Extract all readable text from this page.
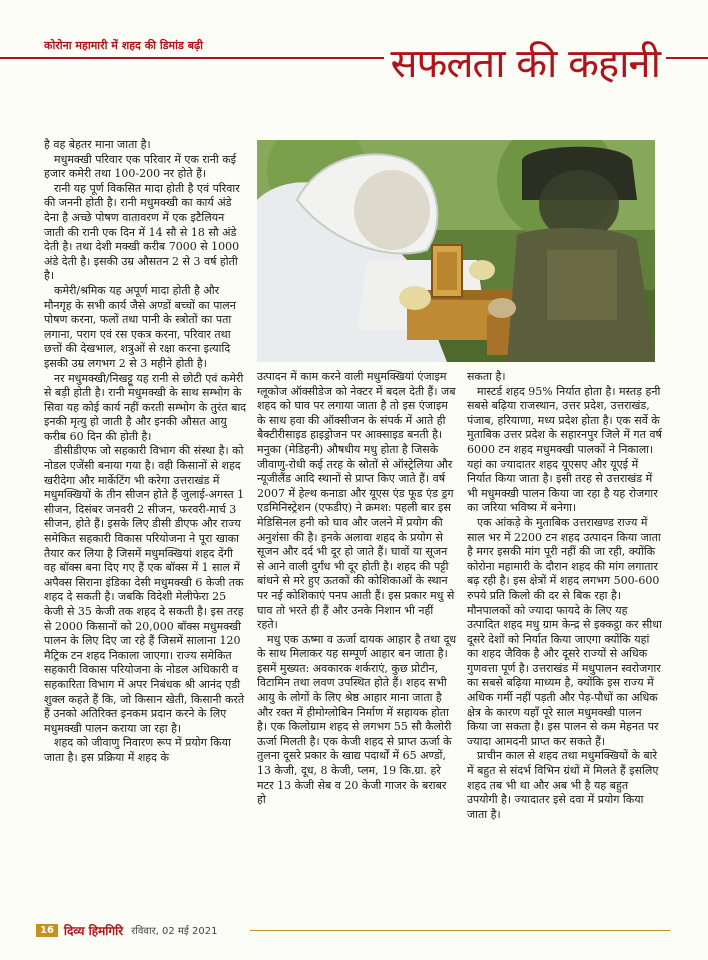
कोरोना महामारी में शहद की डिमांड बढ़ी	सफलता की कहानी

है वह बेहतर माना जाता है।

मधुमक्खी परिवार एक परिवार में एक रानी कई हजार कमेरी तथा 100-200 नर होते हैं।

रानी यह पूर्ण विकसित मादा होती है एवं परिवार की जननी होती है। रानी मधुमक्खी का कार्य अंडे देना है अच्छे पोषण वातावरण में एक इटैलियन जाती की रानी एक दिन में 14 सौ से 18 सौ अंडे देती है। तथा देशी मक्खी करीब 7000 से 1000 अंडे देती है। इसकी उम्र औसतन 2 से 3 वर्ष होती है।

कमेरी/श्रमिक यह अपूर्ण मादा होती है और मौनगृह के सभी कार्य जैसे अण्डों बच्चों का पालन पोषण करना, फलों तथा पानी के स्त्रोतों का पता लगाना, पराग एवं रस एकत्र करना, परिवार तथा छत्तों की देखभाल, शत्रुओं से रक्षा करना इत्यादि इसकी उम्र लगभग 2 से 3 महीने होती है।

नर मधुमक्खी/निखट्टू यह रानी से छोटी एवं कमेरी से बड़ी होती है। रानी मधुमक्खी के साथ सम्भोग के सिवा यह कोई कार्य नहीं करती सम्भोग के तुरंत बाद इनकी मृत्यु हो जाती है और इनकी औसत आयु करीब 60 दिन की होती है।

डीसीडीएफ जो सहकारी विभाग की संस्था है। को नोडल एजेंसी बनाया गया है। वही किसानों से शहद खरीदेगा और मार्केटिंग भी करेगा उत्तराखंड में मधुमक्खियों के तीन सीजन होते हैं जुलाई-अगस्त 1 सीजन, दिसंबर जनवरी 2 सीजन, फरवरी-मार्च 3 सीजन, होते हैं। इसके लिए डीसी डीएफ और राज्य समेकित सहकारी विकास परियोजना ने पूरा खाका तैयार कर लिया है जिसमें मधुमक्खियां शहद देंगी वह बॉक्स बना दिए गए हैं एक बॉक्स में 1 साल में अपैक्स सिराना इंडिका देसी मधुमक्खी 6 केजी तक शहद दे सकती है। जबकि विदेशी मेलीफेरा 25 केजी से 35 केजी तक शहद दे सकती है। इस तरह से 2000 किसानों को 20,000 बॉक्स मधुमक्खी पालन के लिए दिए जा रहे हैं जिसमें सालाना 120 मैट्रिक टन शहद निकाला जाएगा। राज्य समेकित सहकारी विकास परियोजना के नोडल अधिकारी व सहकारिता विभाग में अपर निबंधक श्री आनंद एडी शुक्ल कहते हैं कि, जो किसान खेती, किसानी करते हैं उनको अतिरिक्त इनकम प्रदान करने के लिए मधुमक्खी पालन कराया जा रहा है।

शहद को जीवाणु निवारण रूप में प्रयोग किया जाता है। इस प्रक्रिया में शहद के

उत्पादन में काम करने वाली मधुमक्खियां एंजाइम ग्लूकोज ऑक्सीडेज को नेक्टर में बदल देती हैं। जब शहद को घाव पर लगाया जाता है तो इस एंजाइम के साथ हवा की ऑक्सीजन के संपर्क में आते ही बैक्टीरीसाइड हाइड्रोजन पर आक्साइड बनती है। मनुका (मेडिहनी) औषधीय मधु होता है जिसके जीवाणु-रोधी कई तरह के स्रोतों से ऑस्ट्रेलिया और न्यूजीलैंड आदि स्थानों से प्राप्त किए जाते हैं। वर्ष 2007 में हेल्थ कनाडा और यूएस एंड फूड एंड ड्रग एडमिनिस्ट्रेशन (एफडीए) ने क्रमश: पहली बार इस मेडिसिनल हनी को घाव और जलने में प्रयोग की अनुशंसा की है। इनके अलावा शहद के प्रयोग से सूजन और दर्द भी दूर हो जाते हैं। घावों या सूजन से आने वाली दुर्गंध भी दूर होती है। शहद की पट्टी बांधने से मरे हुए ऊतकों की कोशिकाओं के स्थान पर नई कोशिकाएं पनप आती हैं। इस प्रकार मधु से घाव तो भरते ही हैं और उनके निशान भी नहीं रहते।

मधु एक ऊष्मा व ऊर्जा दायक आहार है तथा दूध के साथ मिलाकर यह सम्पूर्ण आहार बन जाता है। इसमें मुख्यत: अवकारक शर्कराएं, कुछ प्रोटीन, विटामिन तथा लवण उपस्थित होते हैं। शहद सभी आयु के लोगों के लिए श्रेष्ठ आहार माना जाता है और रक्त में हीमोग्लोबिन निर्माण में सहायक होता है। एक किलोग्राम शहद से लगभग 55 सौ कैलोरी ऊर्जा मिलती है। एक केजी शहद से प्राप्त ऊर्जा के तुलना दूसरे प्रकार के खाद्य पदार्थों में 65 अण्डों, 13 केजी, दूध, 8 केजी, प्लम, 19 कि.ग्रा. हरे मटर 13 केजी सेब व 20 केजी गाजर के बराबर हो

सकता है।

मास्टर्ड शहद 95% निर्यात होता है। मस्तड़ हनी सबसे बढ़िया राजस्थान, उत्तर प्रदेश, उत्तराखंड, पंजाब, हरियाणा, मध्य प्रदेश होता है। एक सर्वे के मुताबिक उत्तर प्रदेश के सहारनपुर जिले में गत वर्ष 6000 टन शहद मधुमक्खी पालकों ने निकाला। यहां का ज्यादातर शहद यूएसए और यूएई में निर्यात किया जाता है। इसी तरह से उत्तराखंड में भी मधुमक्खी पालन किया जा रहा है यह रोजगार का जरिया भविष्य में बनेगा।

एक आंकड़े के मुताबिक उत्तराखण्ड राज्य में साल भर में 2200 टन शहद उत्पादन किया जाता है मगर इसकी मांग पूरी नहीं की जा रही, क्योंकि कोरोना महामारी के दौरान शहद की मांग लगातार बढ़ रही है। इस क्षेत्रों में शहद लगभग 500-600 रुपये प्रति किलो की दर से बिक रहा है। मौनपालकों को ज्यादा फायदे के लिए यह उत्पादित शहद मधु ग्राम केन्द्र से इक्कट्ठा कर सीधा दूसरे देशों को निर्यात किया जाएगा क्योंकि यहां का शहद जैविक है और दूसरे राज्यों से अधिक गुणवत्ता पूर्ण है। उत्तराखंड में मधुपालन स्वरोजगार का सबसे बढ़िया माध्यम है, क्योंकि इस राज्य में अधिक गर्मी नहीं पड़ती और पेड़-पौधों का अधिक क्षेत्र के कारण यहाँ पूरे साल मधुमक्खी पालन किया जा सकता है। इस पालन से कम मेहनत पर ज्यादा आमदनी प्राप्त कर सकते हैं।

प्राचीन काल से शहद तथा मधुमक्खियों के बारे में बहुत से संदर्भ विभिन ग्रंथों में मिलते हैं इसलिए शहद तब भी था और अब भी है यह बहुत उपयोगी है। ज्यादातर इसे दवा में प्रयोग किया जाता है।

16 दिव्य हिमगिरि रविवार, 02 मई 2021
